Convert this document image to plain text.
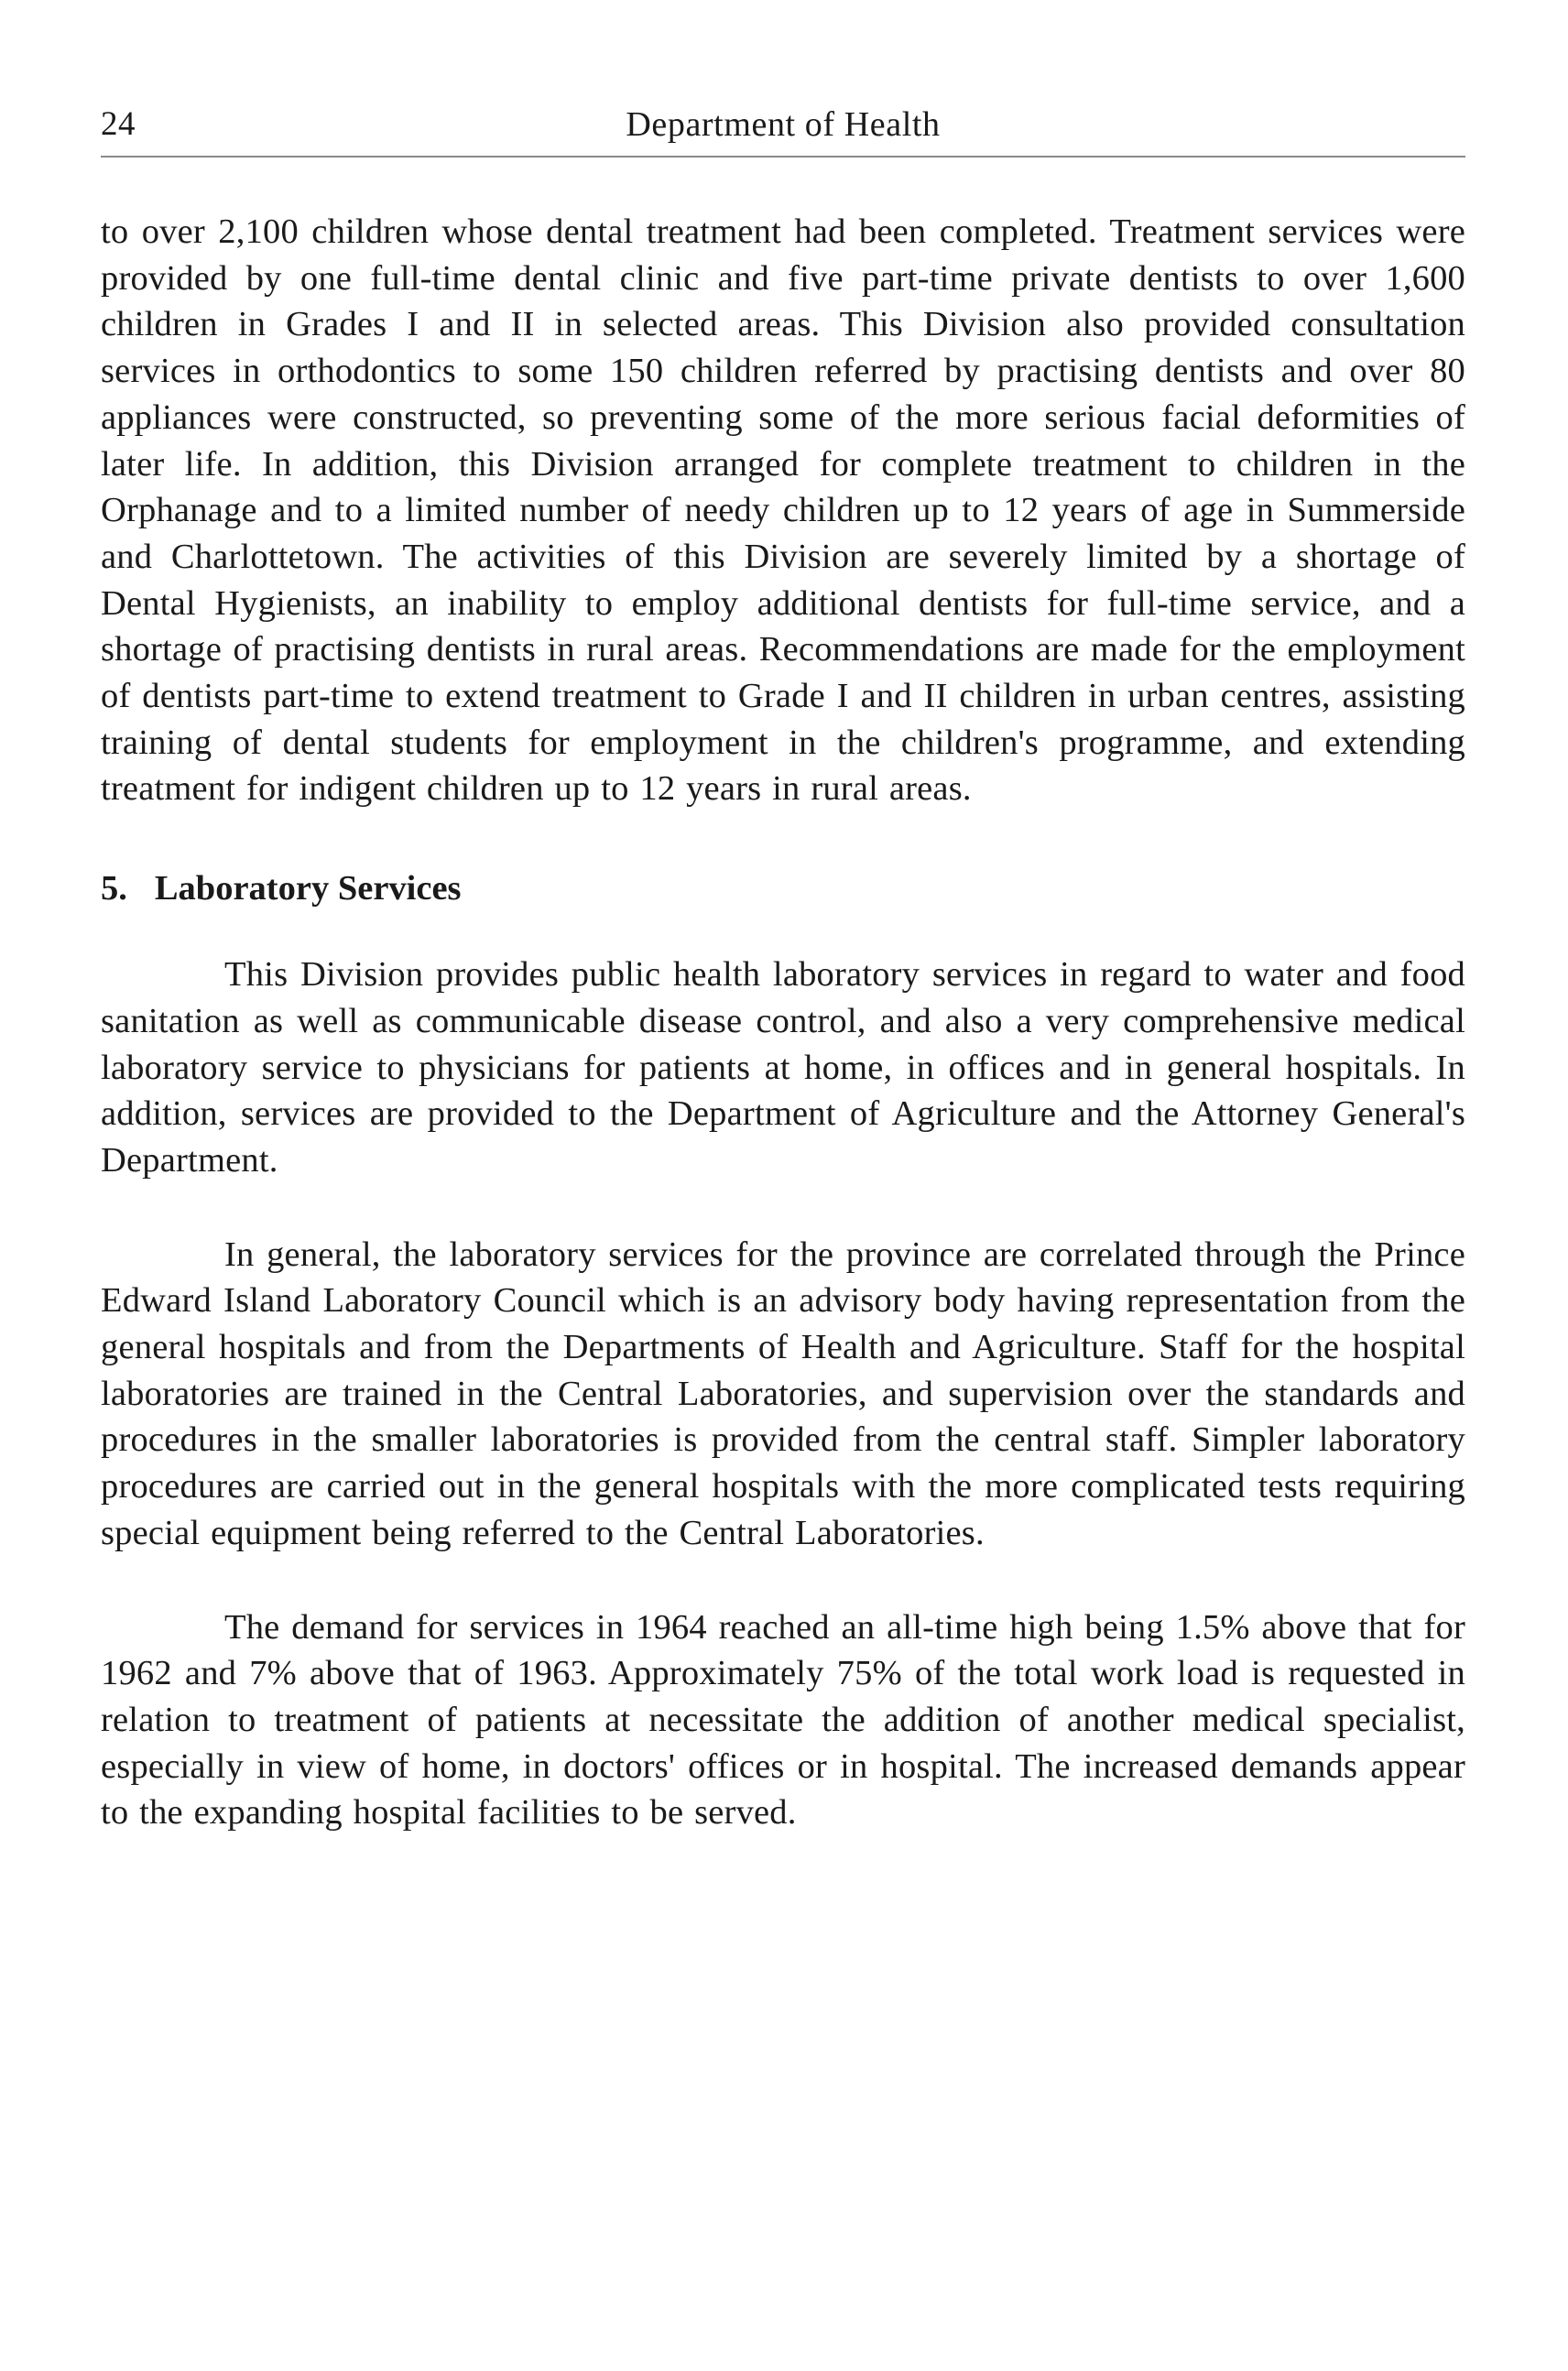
24	Department of Health

to over 2,100 children whose dental treatment had been completed. Treatment services were provided by one full-time dental clinic and five part-time private dentists to over 1,600 children in Grades I and II in selected areas. This Division also provided consultation services in orthodontics to some 150 children referred by practising dentists and over 80 appliances were constructed, so preventing some of the more serious facial deformities of later life. In addition, this Division arranged for complete treatment to children in the Orphanage and to a limited number of needy children up to 12 years of age in Summerside and Charlottetown. The activities of this Division are severely limited by a shortage of Dental Hygienists, an inability to employ additional dentists for full-time service, and a shortage of practising dentists in rural areas. Recommendations are made for the employment of dentists part-time to extend treatment to Grade I and II children in urban centres, assisting training of dental students for employment in the children's programme, and extending treatment for indigent children up to 12 years in rural areas.

5. Laboratory Services

This Division provides public health laboratory services in regard to water and food sanitation as well as communicable disease control, and also a very comprehensive medical laboratory service to physicians for patients at home, in offices and in general hospitals. In addition, services are provided to the Department of Agriculture and the Attorney General's Department.

In general, the laboratory services for the province are correlated through the Prince Edward Island Laboratory Council which is an advisory body having representation from the general hospitals and from the Departments of Health and Agriculture. Staff for the hospital laboratories are trained in the Central Laboratories, and supervision over the standards and procedures in the smaller laboratories is provided from the central staff. Simpler laboratory procedures are carried out in the general hospitals with the more complicated tests requiring special equipment being referred to the Central Laboratories.

The demand for services in 1964 reached an all-time high being 1.5% above that for 1962 and 7% above that of 1963. Approximately 75% of the total work load is requested in relation to treatment of patients at necessitate the addition of another medical specialist, especially in view of home, in doctors' offices or in hospital. The increased demands appear to the expanding hospital facilities to be served.
